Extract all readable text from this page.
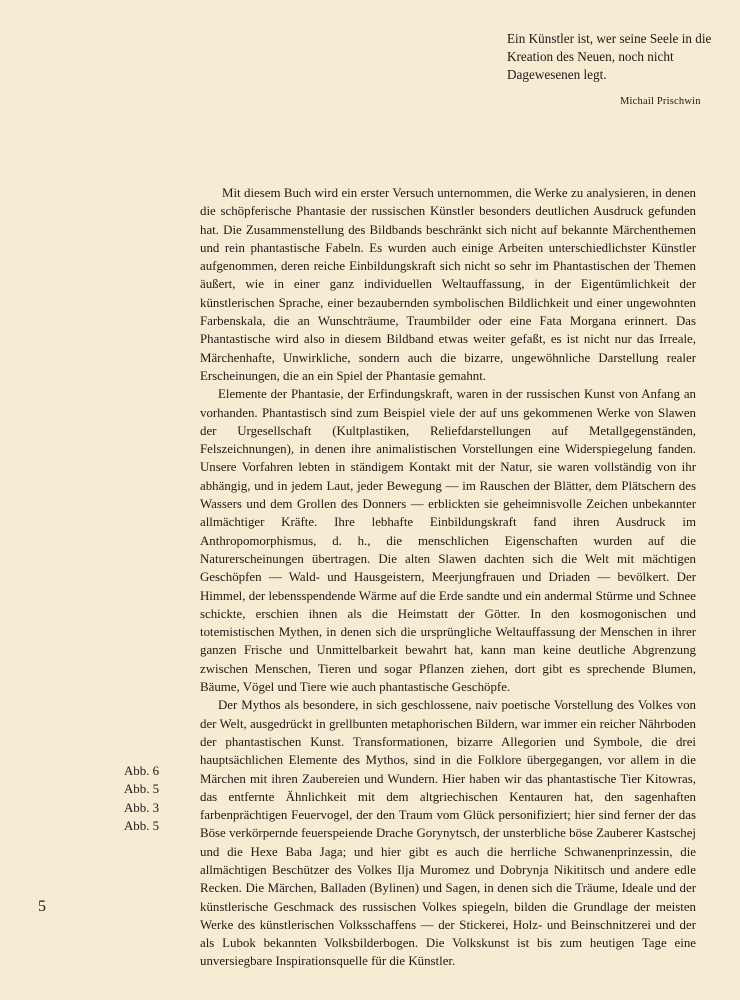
Ein Künstler ist, wer seine Seele in die Kreation des Neuen, noch nicht Dagewesenen legt.
Michail Prischwin

Mit diesem Buch wird ein erster Versuch unternommen, die Werke zu analysieren, in denen die schöpferische Phantasie der russischen Künstler besonders deutlichen Ausdruck gefunden hat. Die Zusammenstellung des Bildbands beschränkt sich nicht auf bekannte Märchenthemen und rein phantastische Fabeln. Es wurden auch einige Arbeiten unterschiedlichster Künstler aufgenommen, deren reiche Einbildungskraft sich nicht so sehr im Phantastischen der Themen äußert, wie in einer ganz individuellen Weltauffassung, in der Eigentümlichkeit der künstlerischen Sprache, einer bezaubernden symbolischen Bildlichkeit und einer ungewohnten Farbenskala, die an Wunschträume, Traumbilder oder eine Fata Morgana erinnert. Das Phantastische wird also in diesem Bildband etwas weiter gefaßt, es ist nicht nur das Irreale, Märchenhafte, Unwirkliche, sondern auch die bizarre, ungewöhnliche Darstellung realer Erscheinungen, die an ein Spiel der Phantasie gemahnt.

Elemente der Phantasie, der Erfindungskraft, waren in der russischen Kunst von Anfang an vorhanden. Phantastisch sind zum Beispiel viele der auf uns gekommenen Werke von Slawen der Urgesellschaft (Kultplastiken, Reliefdarstellungen auf Metallgegenständen, Felszeichnungen), in denen ihre animalistischen Vorstellungen eine Widerspiegelung fanden. Unsere Vorfahren lebten in ständigem Kontakt mit der Natur, sie waren vollständig von ihr abhängig, und in jedem Laut, jeder Bewegung — im Rauschen der Blätter, dem Plätschern des Wassers und dem Grollen des Donners — erblickten sie geheimnisvolle Zeichen unbekannter allmächtiger Kräfte. Ihre lebhafte Einbildungskraft fand ihren Ausdruck im Anthropomorphismus, d. h., die menschlichen Eigenschaften wurden auf die Naturerscheinungen übertragen. Die alten Slawen dachten sich die Welt mit mächtigen Geschöpfen — Wald- und Hausgeistern, Meerjungfrauen und Driaden — bevölkert. Der Himmel, der lebensspendende Wärme auf die Erde sandte und ein andermal Stürme und Schnee schickte, erschien ihnen als die Heimstatt der Götter. In den kosmogonischen und totemistischen Mythen, in denen sich die ursprüngliche Weltauffassung der Menschen in ihrer ganzen Frische und Unmittelbarkeit bewahrt hat, kann man keine deutliche Abgrenzung zwischen Menschen, Tieren und sogar Pflanzen ziehen, dort gibt es sprechende Blumen, Bäume, Vögel und Tiere wie auch phantastische Geschöpfe.

Der Mythos als besondere, in sich geschlossene, naiv poetische Vorstellung des Volkes von der Welt, ausgedrückt in grellbunten metaphorischen Bildern, war immer ein reicher Nährboden der phantastischen Kunst. Transformationen, bizarre Allegorien und Symbole, die drei hauptsächlichen Elemente des Mythos, sind in die Folklore übergegangen, vor allem in die Märchen mit ihren Zaubereien und Wundern. Hier haben wir das phantastische Tier Kitowras, das entfernte Ähnlichkeit mit dem altgriechischen Kentauren hat, den sagenhaften farbenprächtigen Feuervogel, der den Traum vom Glück personifiziert; hier sind ferner der das Böse verkörpernde feuerspeiende Drache Gorynytsch, der unsterbliche böse Zauberer Kastschej und die Hexe Baba Jaga; und hier gibt es auch die herrliche Schwanenprinzessin, die allmächtigen Beschützer des Volkes Ilja Muromez und Dobrynja Nikititsch und andere edle Recken. Die Märchen, Balladen (Bylinen) und Sagen, in denen sich die Träume, Ideale und der künstlerische Geschmack des russischen Volkes spiegeln, bilden die Grundlage der meisten Werke des künstlerischen Volksschaffens — der Stickerei, Holz- und Beinschnitzerei und der als Lubok bekannten Volksbilderbogen. Die Volkskunst ist bis zum heutigen Tage eine unversiegbare Inspirationsquelle für die Künstler.

Abb. 6
Abb. 5
Abb. 3
Abb. 5
5
